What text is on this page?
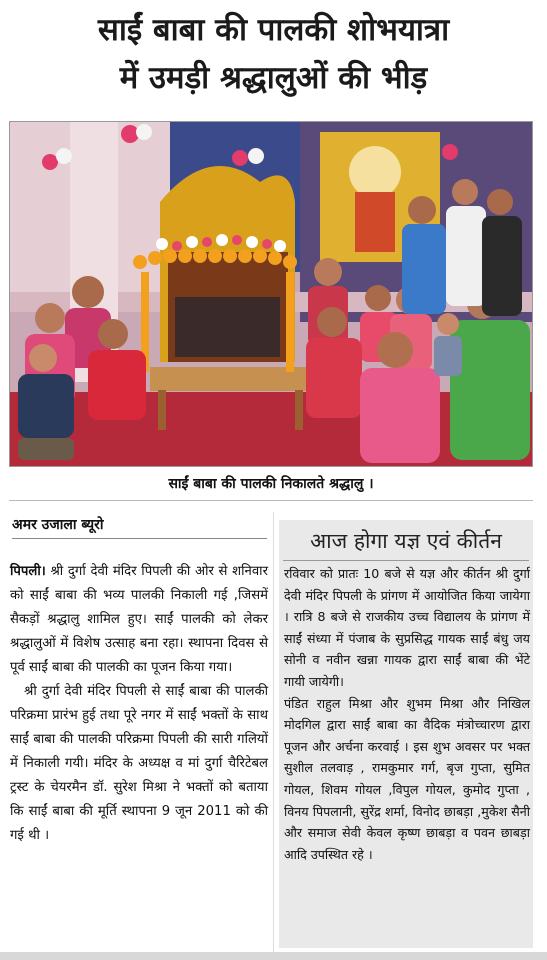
साईं बाबा की पालकी शोभयात्रा
में उमड़ी श्रद्धालुओं की भीड़
साईं बाबा की पालकी निकालते श्रद्धालु ।
अमर उजाला ब्यूरो

पिपली। श्री दुर्गा देवी मंदिर पिपली की ओर से शनिवार को साईं बाबा की भव्य पालकी निकाली गई ,जिसमें सैकड़ों श्रद्धालु शामिल हुए। साईं पालकी को लेकर श्रद्धालुओं में विशेष उत्साह बना रहा। स्थापना दिवस से पूर्व साईं बाबा की पालकी का पूजन किया गया।

श्री दुर्गा देवी मंदिर पिपली से साईं बाबा की पालकी परिक्रमा प्रारंभ हुई तथा पूरे नगर में साईं भक्तों के साथ साईं बाबा की पालकी परिक्रमा पिपली की सारी गलियों में निकाली गयी। मंदिर के अध्यक्ष व मां दुर्गा चैरिटेबल ट्रस्ट के चेयरमैन डॉ. सुरेश मिश्रा ने भक्तों को बताया कि साईं बाबा की मूर्ति स्थापना 9 जून 2011 को की गई थी ।

आज होगा यज्ञ एवं कीर्तन

रविवार को प्रातः 10 बजे से यज्ञ और कीर्तन श्री दुर्गा देवी मंदिर पिपली के प्रांगण में आयोजित किया जायेगा । रात्रि 8 बजे से राजकीय उच्च विद्यालय के प्रांगण में साईं संध्या में पंजाब के सुप्रसिद्ध गायक साईं बंधु जय सोनी व नवीन खन्ना गायक द्वारा साईं बाबा की भेंटे गायी जायेगी।

पंडित राहुल मिश्रा और शुभम मिश्रा और निखिल मोदगिल द्वारा साईं बाबा का वैदिक मंत्रोच्चारण द्वारा पूजन और अर्चना करवाई । इस शुभ अवसर पर भक्त सुशील तलवाड़ , रामकुमार गर्ग, बृज गुप्ता, सुमित गोयल, शिवम गोयल ,विपुल गोयल, कुमोद गुप्ता , विनय पिपलानी, सुरेंद्र शर्मा, विनोद छाबड़ा ,मुकेश सैनी और समाज सेवी केवल कृष्ण छाबड़ा व पवन छाबड़ा आदि उपस्थित रहे ।
